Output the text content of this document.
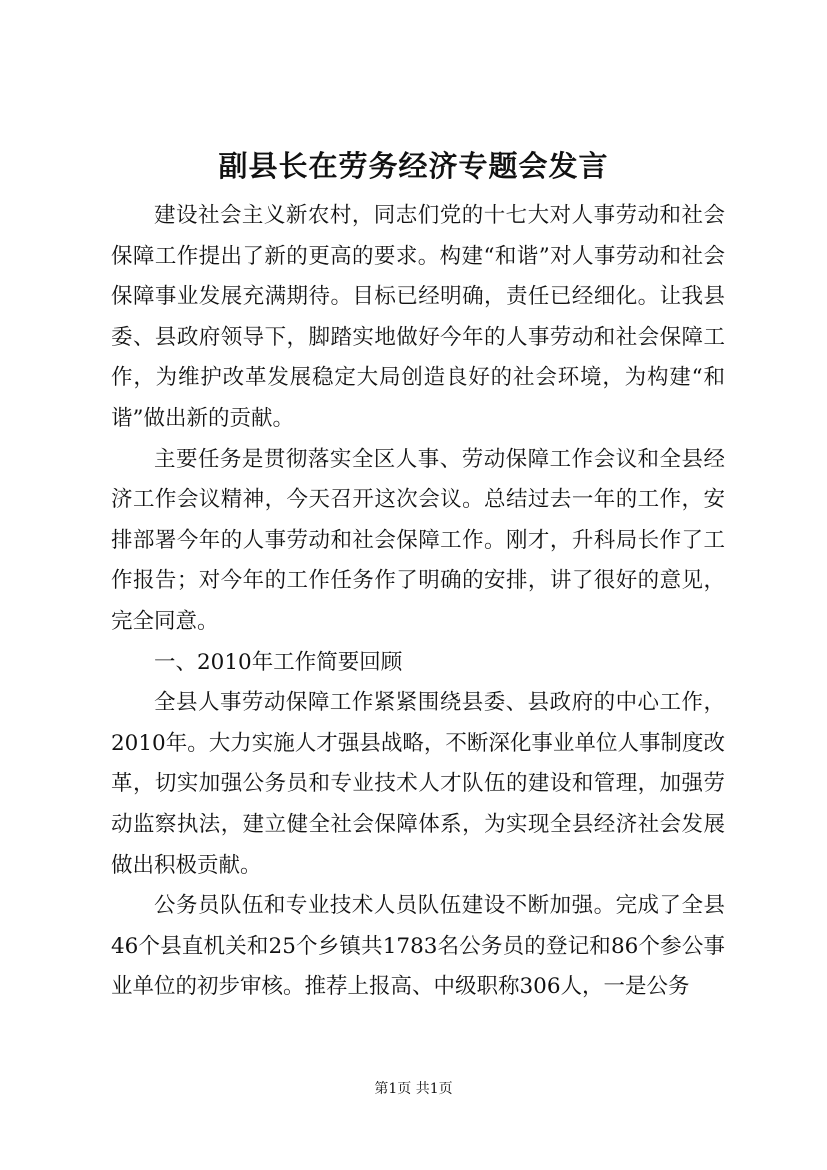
副县长在劳务经济专题会发言

建设社会主义新农村，同志们党的十七大对人事劳动和社会保障工作提出了新的更高的要求。构建“和谐”对人事劳动和社会保障事业发展充满期待。目标已经明确，责任已经细化。让我县委、县政府领导下，脚踏实地做好今年的人事劳动和社会保障工作，为维护改革发展稳定大局创造良好的社会环境，为构建“和谐”做出新的贡献。

主要任务是贯彻落实全区人事、劳动保障工作会议和全县经济工作会议精神，今天召开这次会议。总结过去一年的工作，安排部署今年的人事劳动和社会保障工作。刚才，升科局长作了工作报告；对今年的工作任务作了明确的安排，讲了很好的意见，完全同意。

一、2010年工作简要回顾

全县人事劳动保障工作紧紧围绕县委、县政府的中心工作，2010年。大力实施人才强县战略，不断深化事业单位人事制度改革，切实加强公务员和专业技术人才队伍的建设和管理，加强劳动监察执法，建立健全社会保障体系，为实现全县经济社会发展做出积极贡献。

公务员队伍和专业技术人员队伍建设不断加强。完成了全县46个县直机关和25个乡镇共1783名公务员的登记和86个参公事业单位的初步审核。推荐上报高、中级职称306人，一是公务

第1页 共1页
